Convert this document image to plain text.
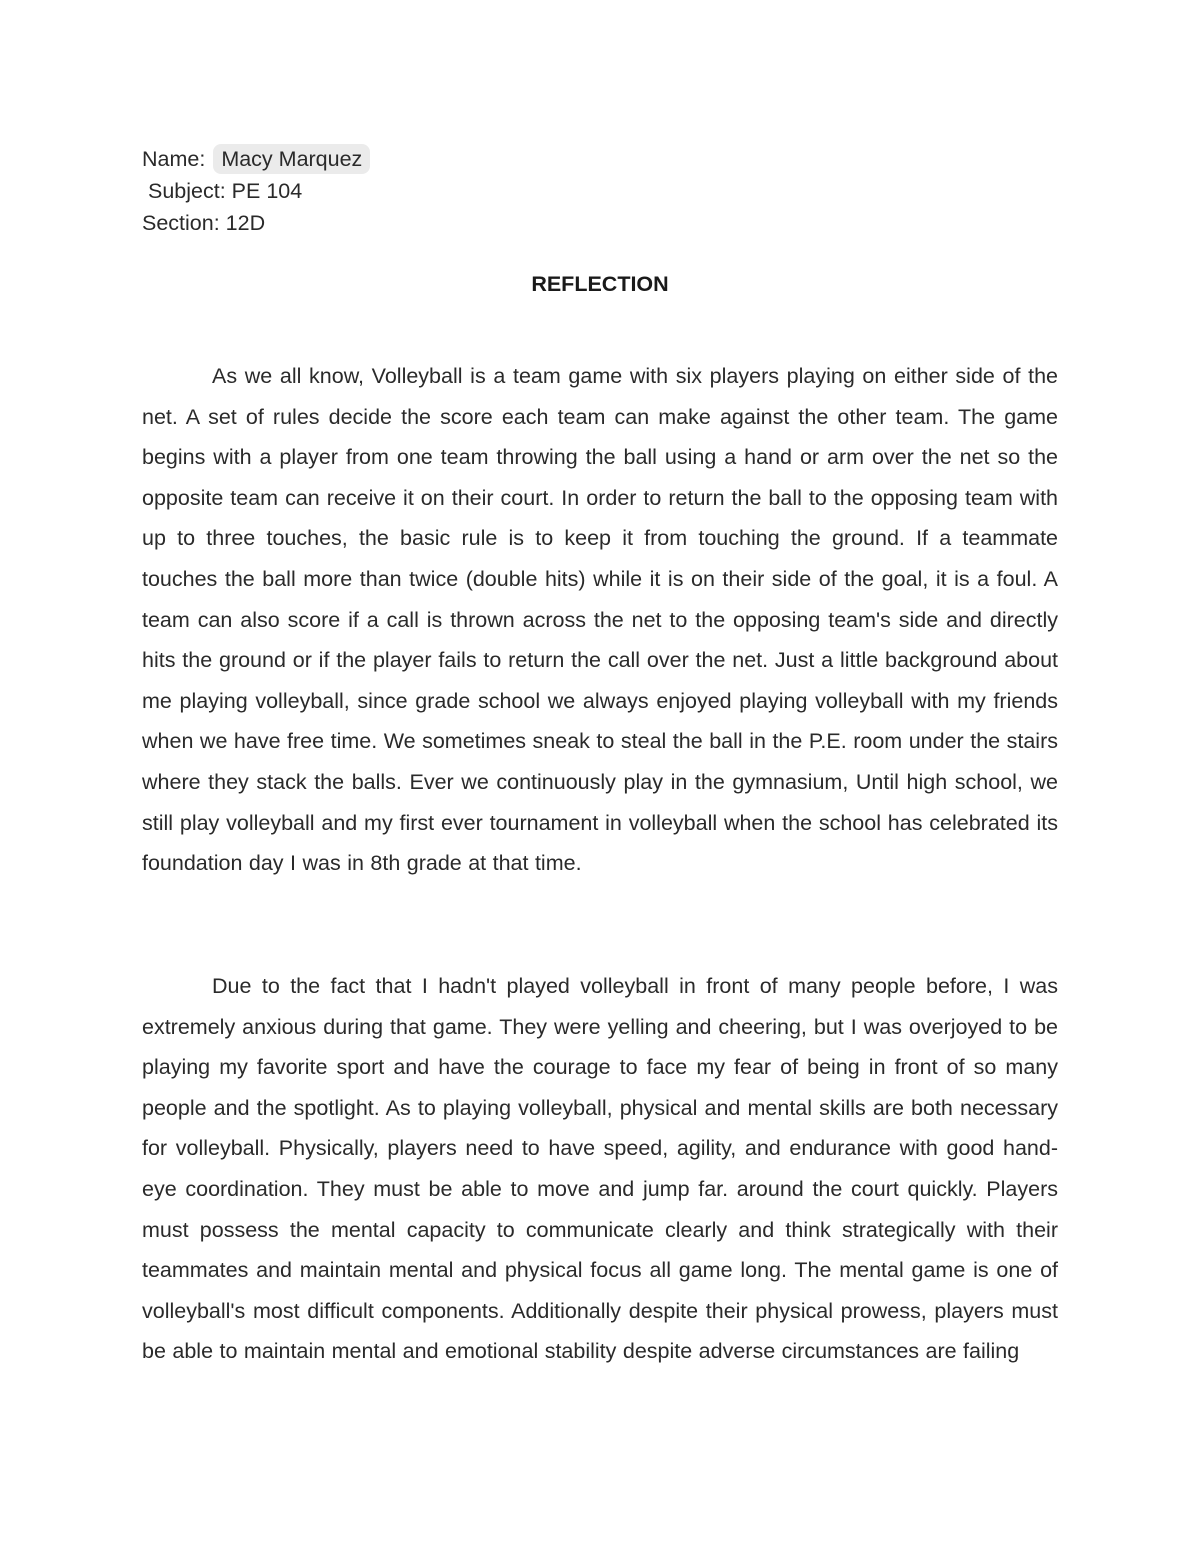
Name: Macy Marquez
Subject: PE 104
Section: 12D
REFLECTION

As we all know, Volleyball is a team game with six players playing on either side of the net. A set of rules decide the score each team can make against the other team. The game begins with a player from one team throwing the ball using a hand or arm over the net so the opposite team can receive it on their court. In order to return the ball to the opposing team with up to three touches, the basic rule is to keep it from touching the ground. If a teammate touches the ball more than twice (double hits) while it is on their side of the goal, it is a foul. A team can also score if a call is thrown across the net to the opposing team's side and directly hits the ground or if the player fails to return the call over the net. Just a little background about me playing volleyball, since grade school we always enjoyed playing volleyball with my friends when we have free time. We sometimes sneak to steal the ball in the P.E. room under the stairs where they stack the balls. Ever we continuously play in the gymnasium, Until high school, we still play volleyball and my first ever tournament in volleyball when the school has celebrated its foundation day I was in 8th grade at that time.

Due to the fact that I hadn't played volleyball in front of many people before, I was extremely anxious during that game. They were yelling and cheering, but I was overjoyed to be playing my favorite sport and have the courage to face my fear of being in front of so many people and the spotlight. As to playing volleyball, physical and mental skills are both necessary for volleyball. Physically, players need to have speed, agility, and endurance with good hand-eye coordination. They must be able to move and jump far. around the court quickly. Players must possess the mental capacity to communicate clearly and think strategically with their teammates and maintain mental and physical focus all game long. The mental game is one of volleyball's most difficult components. Additionally despite their physical prowess, players must be able to maintain mental and emotional stability despite adverse circumstances are failing
